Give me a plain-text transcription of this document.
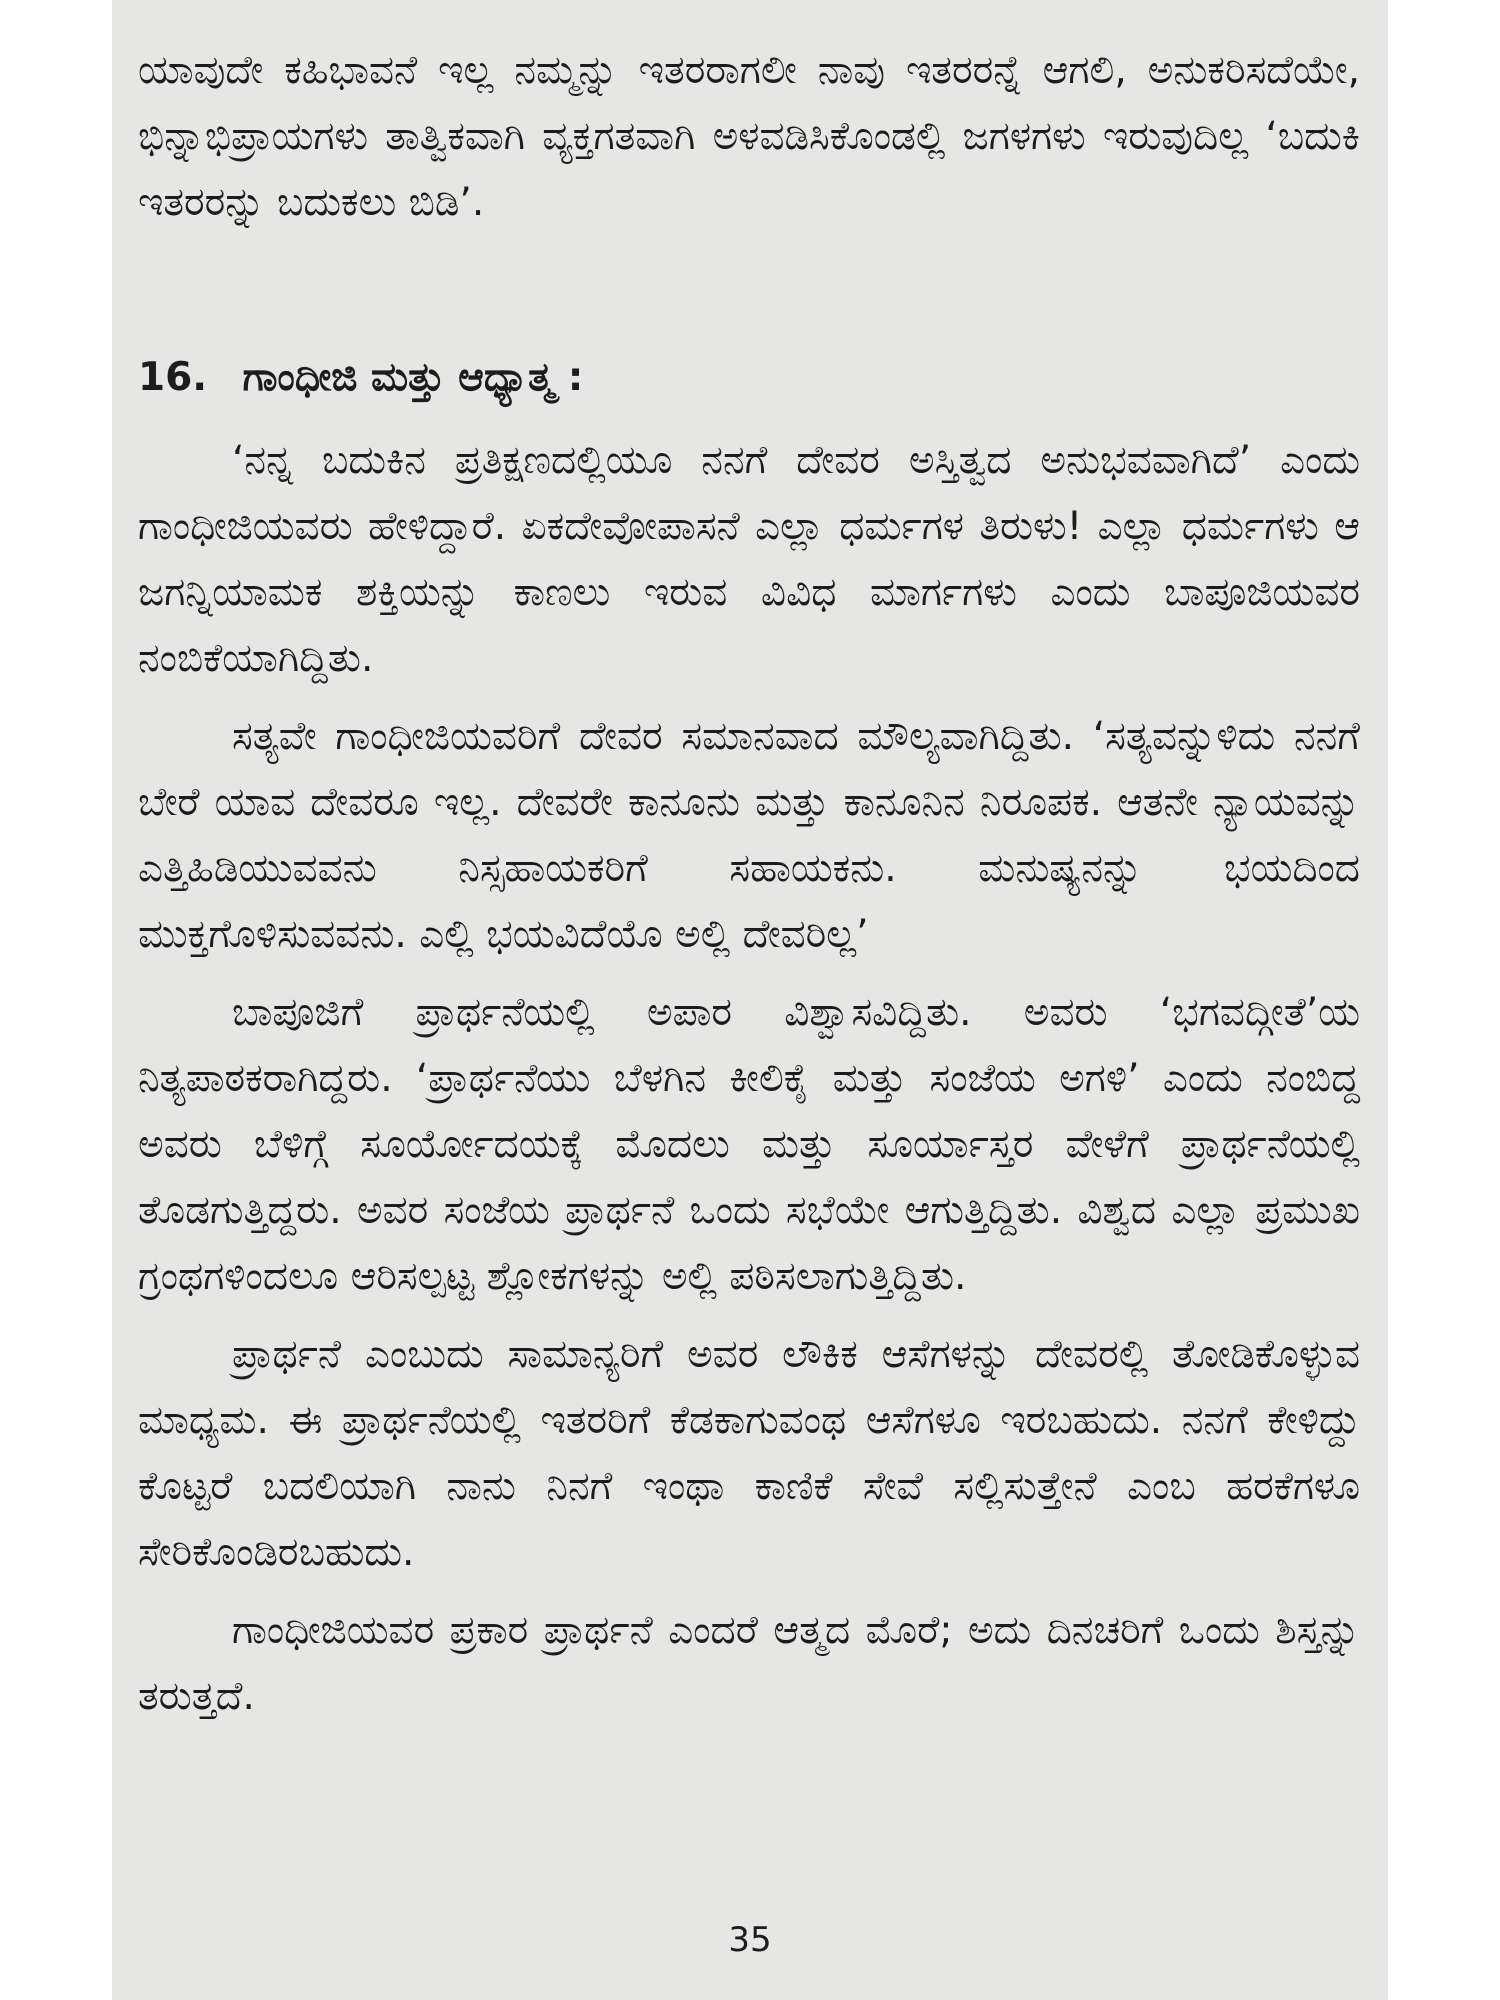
ಯಾವುದೇ ಕಹಿಭಾವನೆ ಇಲ್ಲ ನಮ್ಮನ್ನು ಇತರರಾಗಲೀ ನಾವು ಇತರರನ್ನೆ ಆಗಲಿ, ಅನುಕರಿಸದೆಯೇ, ಭಿನ್ನಾಭಿಪ್ರಾಯಗಳು ತಾತ್ವಿಕವಾಗಿ ವ್ಯಕ್ತಗತವಾಗಿ ಅಳವಡಿಸಿಕೊಂಡಲ್ಲಿ ಜಗಳಗಳು ಇರುವುದಿಲ್ಲ ‘ಬದುಕಿ ಇತರರನ್ನು ಬದುಕಲು ಬಿಡಿ’.

16. ಗಾಂಧೀಜಿ ಮತ್ತು ಆಧ್ಯಾತ್ಮ :

‘ನನ್ನ ಬದುಕಿನ ಪ್ರತಿಕ್ಷಣದಲ್ಲಿಯೂ ನನಗೆ ದೇವರ ಅಸ್ತಿತ್ವದ ಅನುಭವವಾಗಿದೆ’ ಎಂದು ಗಾಂಧೀಜಿಯವರು ಹೇಳಿದ್ದಾರೆ. ಏಕದೇವೋಪಾಸನೆ ಎಲ್ಲಾ ಧರ್ಮಗಳ ತಿರುಳು! ಎಲ್ಲಾ ಧರ್ಮಗಳು ಆ ಜಗನ್ನಿಯಾಮಕ ಶಕ್ತಿಯನ್ನು ಕಾಣಲು ಇರುವ ವಿವಿಧ ಮಾರ್ಗಗಳು ಎಂದು ಬಾಪೂಜಿಯವರ ನಂಬಿಕೆಯಾಗಿದ್ದಿತು.

ಸತ್ಯವೇ ಗಾಂಧೀಜಿಯವರಿಗೆ ದೇವರ ಸಮಾನವಾದ ಮೌಲ್ಯವಾಗಿದ್ದಿತು. ‘ಸತ್ಯವನ್ನುಳಿದು ನನಗೆ ಬೇರೆ ಯಾವ ದೇವರೂ ಇಲ್ಲ. ದೇವರೇ ಕಾನೂನು ಮತ್ತು ಕಾನೂನಿನ ನಿರೂಪಕ. ಆತನೇ ನ್ಯಾಯವನ್ನು ಎತ್ತಿಹಿಡಿಯುವವನು ನಿಸ್ಸಹಾಯಕರಿಗೆ ಸಹಾಯಕನು. ಮನುಷ್ಯನನ್ನು ಭಯದಿಂದ ಮುಕ್ತಗೊಳಿಸುವವನು. ಎಲ್ಲಿ ಭಯವಿದೆಯೊ ಅಲ್ಲಿ ದೇವರಿಲ್ಲ’

ಬಾಪೂಜಿಗೆ ಪ್ರಾರ್ಥನೆಯಲ್ಲಿ ಅಪಾರ ವಿಶ್ವಾಸವಿದ್ದಿತು. ಅವರು ‘ಭಗವದ್ಗೀತೆ’ಯ ನಿತ್ಯಪಾಠಕರಾಗಿದ್ದರು. ‘ಪ್ರಾರ್ಥನೆಯು ಬೆಳಗಿನ ಕೀಲಿಕೈ ಮತ್ತು ಸಂಜೆಯ ಅಗಳಿ’ ಎಂದು ನಂಬಿದ್ದ ಅವರು ಬೆಳಿಗ್ಗೆ ಸೂರ್ಯೋದಯಕ್ಕೆ ಮೊದಲು ಮತ್ತು ಸೂರ್ಯಾಸ್ತರ ವೇಳೆಗೆ ಪ್ರಾರ್ಥನೆಯಲ್ಲಿ ತೊಡಗುತ್ತಿದ್ದರು. ಅವರ ಸಂಜೆಯ ಪ್ರಾರ್ಥನೆ ಒಂದು ಸಭೆಯೇ ಆಗುತ್ತಿದ್ದಿತು. ವಿಶ್ವದ ಎಲ್ಲಾ ಪ್ರಮುಖ ಗ್ರಂಥಗಳಿಂದಲೂ ಆರಿಸಲ್ಪಟ್ಟ ಶ್ಲೋಕಗಳನ್ನು ಅಲ್ಲಿ ಪಠಿಸಲಾಗುತ್ತಿದ್ದಿತು.

ಪ್ರಾರ್ಥನೆ ಎಂಬುದು ಸಾಮಾನ್ಯರಿಗೆ ಅವರ ಲೌಕಿಕ ಆಸೆಗಳನ್ನು ದೇವರಲ್ಲಿ ತೋಡಿಕೊಳ್ಳುವ ಮಾಧ್ಯಮ. ಈ ಪ್ರಾರ್ಥನೆಯಲ್ಲಿ ಇತರರಿಗೆ ಕೆಡಕಾಗುವಂಥ ಆಸೆಗಳೂ ಇರಬಹುದು. ನನಗೆ ಕೇಳಿದ್ದು ಕೊಟ್ಟರೆ ಬದಲಿಯಾಗಿ ನಾನು ನಿನಗೆ ಇಂಥಾ ಕಾಣಿಕೆ ಸೇವೆ ಸಲ್ಲಿಸುತ್ತೇನೆ ಎಂಬ ಹರಕೆಗಳೂ ಸೇರಿಕೊಂಡಿರಬಹುದು.

ಗಾಂಧೀಜಿಯವರ ಪ್ರಕಾರ ಪ್ರಾರ್ಥನೆ ಎಂದರೆ ಆತ್ಮದ ಮೊರೆ; ಅದು ದಿನಚರಿಗೆ ಒಂದು ಶಿಸ್ತನ್ನು ತರುತ್ತದೆ.

35
